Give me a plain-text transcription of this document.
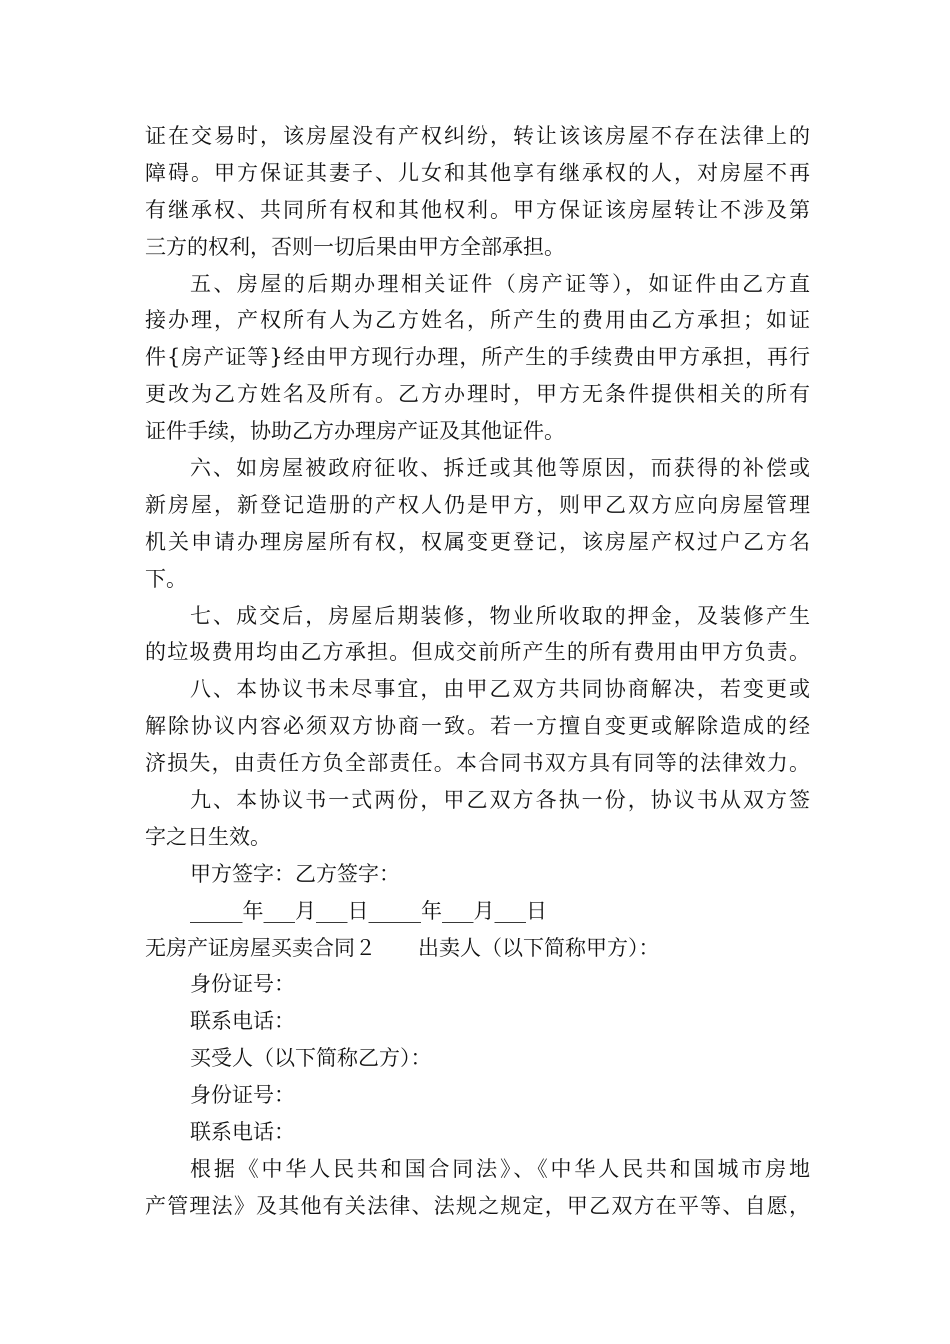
证在交易时，该房屋没有产权纠纷，转让该该房屋不存在法律上的
障碍。甲方保证其妻子、儿女和其他享有继承权的人，对房屋不再
有继承权、共同所有权和其他权利。甲方保证该房屋转让不涉及第
三方的权利，否则一切后果由甲方全部承担。
五、房屋的后期办理相关证件（房产证等），如证件由乙方直
接办理，产权所有人为乙方姓名，所产生的费用由乙方承担；如证
件{房产证等}经由甲方现行办理，所产生的手续费由甲方承担，再行
更改为乙方姓名及所有。乙方办理时，甲方无条件提供相关的所有
证件手续，协助乙方办理房产证及其他证件。
六、如房屋被政府征收、拆迁或其他等原因，而获得的补偿或
新房屋，新登记造册的产权人仍是甲方，则甲乙双方应向房屋管理
机关申请办理房屋所有权，权属变更登记，该房屋产权过户乙方名
下。
七、成交后，房屋后期装修，物业所收取的押金，及装修产生
的垃圾费用均由乙方承担。但成交前所产生的所有费用由甲方负责。
八、本协议书未尽事宜，由甲乙双方共同协商解决，若变更或
解除协议内容必须双方协商一致。若一方擅自变更或解除造成的经
济损失，由责任方负全部责任。本合同书双方具有同等的法律效力。
九、本协议书一式两份，甲乙双方各执一份，协议书从双方签
字之日生效。
甲方签字：乙方签字：
_____年___月___日_____年___月___日
无房产证房屋买卖合同２　　出卖人（以下简称甲方）：
身份证号：
联系电话：
买受人（以下简称乙方）：
身份证号：
联系电话：
根据《中华人民共和国合同法》、《中华人民共和国城市房地
产管理法》及其他有关法律、法规之规定，甲乙双方在平等、自愿，
